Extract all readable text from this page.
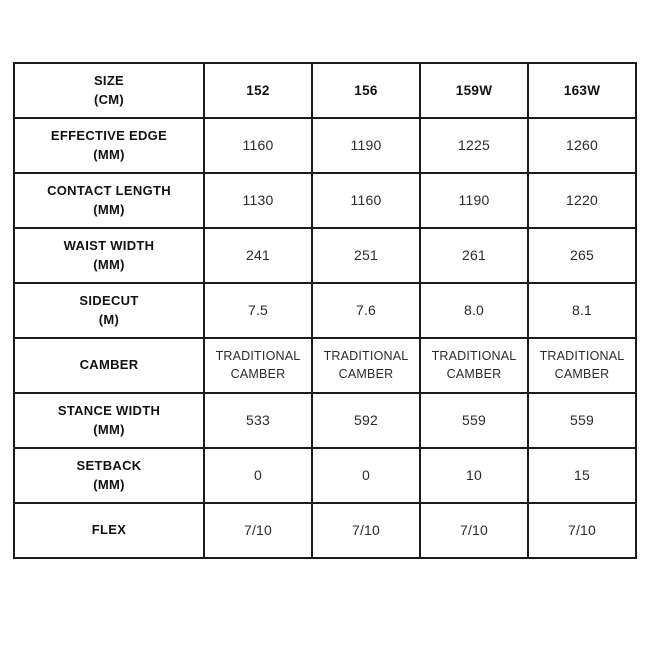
SIZE
(CM)	152	156	159W	163W

EFFECTIVE EDGE
(MM)	1160	1190	1225	1260

CONTACT LENGTH
(MM)	1130	1160	1190	1220

WAIST WIDTH
(MM)	241	251	261	265

SIDECUT
(M)	7.5	7.6	8.0	8.1

CAMBER	TRADITIONAL CAMBER	TRADITIONAL CAMBER	TRADITIONAL CAMBER	TRADITIONAL CAMBER

STANCE WIDTH
(MM)	533	592	559	559

SETBACK
(MM)	0	0	10	15

FLEX	7/10	7/10	7/10	7/10
